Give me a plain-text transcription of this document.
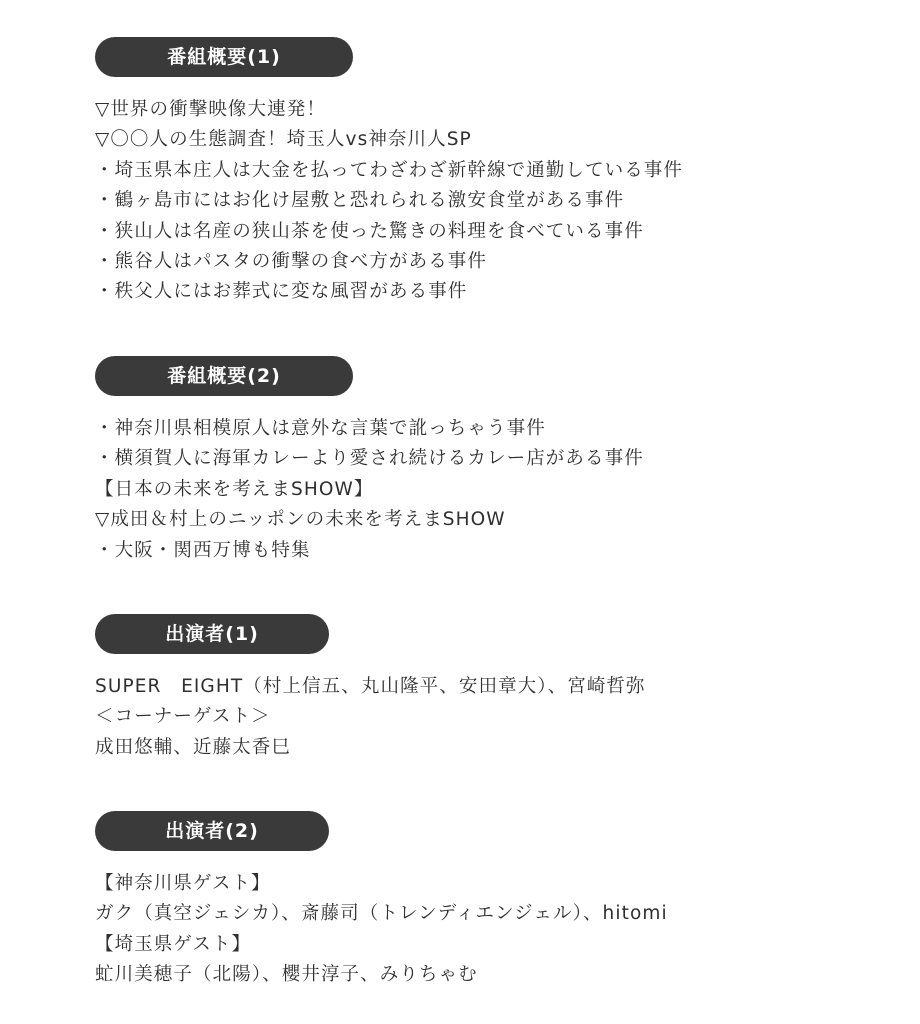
番組概要(1)
▽世界の衝撃映像大連発！
▽〇〇人の生態調査！埼玉人vs神奈川人SP
・埼玉県本庄人は大金を払ってわざわざ新幹線で通勤している事件
・鶴ヶ島市にはお化け屋敷と恐れられる激安食堂がある事件
・狭山人は名産の狭山茶を使った驚きの料理を食べている事件
・熊谷人はパスタの衝撃の食べ方がある事件
・秩父人にはお葬式に変な風習がある事件
番組概要(2)
・神奈川県相模原人は意外な言葉で訛っちゃう事件
・横須賀人に海軍カレーより愛され続けるカレー店がある事件
【日本の未来を考えまSHOW】
▽成田＆村上のニッポンの未来を考えまSHOW
・大阪・関西万博も特集
出演者(1)
SUPER　EIGHT（村上信五、丸山隆平、安田章大）、宮崎哲弥
＜コーナーゲスト＞
成田悠輔、近藤太香巳
出演者(2)
【神奈川県ゲスト】
ガク（真空ジェシカ）、斎藤司（トレンディエンジェル）、hitomi
【埼玉県ゲスト】
虻川美穂子（北陽）、櫻井淳子、みりちゃむ
